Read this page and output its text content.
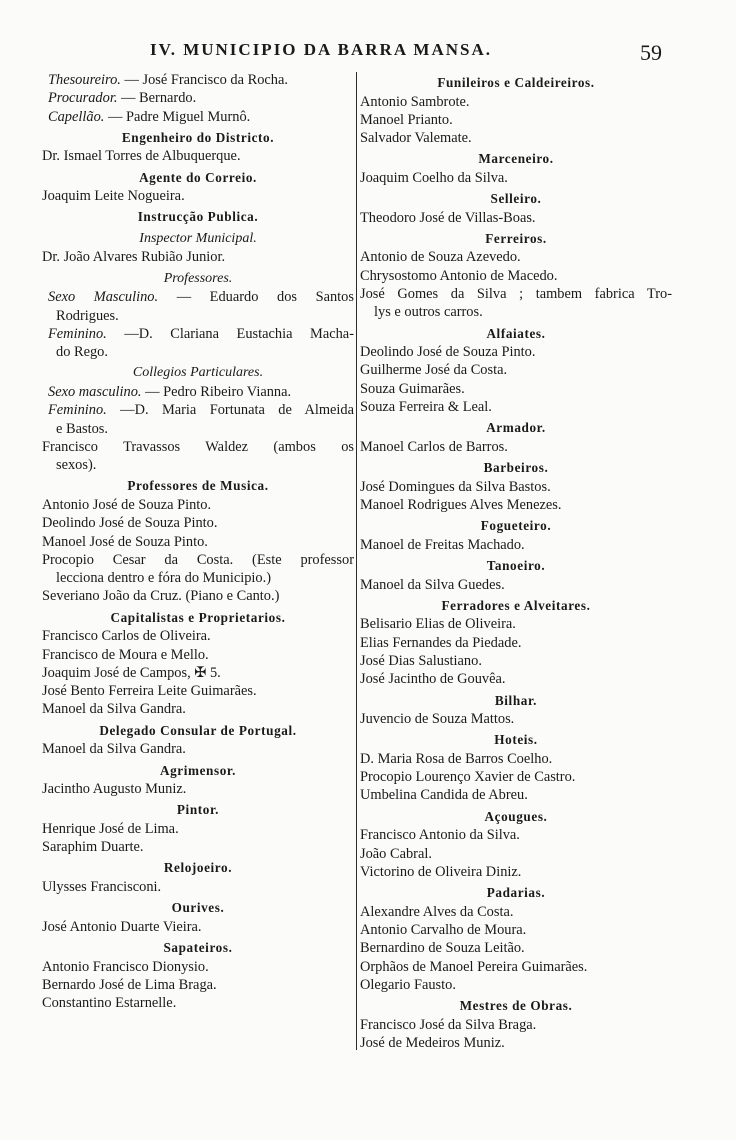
IV. MUNICIPIO DA BARRA MANSA.	59
Thesoureiro. — José Francisco da Rocha.
Procurador. — Bernardo.
Capellão. — Padre Miguel Murnô.
Engenheiro do Districto.
Dr. Ismael Torres de Albuquerque.
Agente do Correio.
Joaquim Leite Nogueira.
Instrucção Publica.
Inspector Municipal.
Dr. João Alvares Rubião Junior.
Professores.
Sexo Masculino. — Eduardo dos Santos
Rodrigues.
Feminino. —D. Clariana Eustachia Macha-
do Rego.
Collegios Particulares.
Sexo masculino. — Pedro Ribeiro Vianna.
Feminino. —D. Maria Fortunata de Almeida
e Bastos.
Francisco Travassos Waldez (ambos os
sexos).
Professores de Musica.
Antonio José de Souza Pinto.
Deolindo José de Souza Pinto.
Manoel José de Souza Pinto.
Procopio Cesar da Costa. (Este professor
lecciona dentro e fóra do Municipio.)
Severiano João da Cruz. (Piano e Canto.)
Capitalistas e Proprietarios.
Francisco Carlos de Oliveira.
Francisco de Moura e Mello.
Joaquim José de Campos, ✠ 5.
José Bento Ferreira Leite Guimarães.
Manoel da Silva Gandra.
Delegado Consular de Portugal.
Manoel da Silva Gandra.
Agrimensor.
Jacintho Augusto Muniz.
Pintor.
Henrique José de Lima.
Saraphim Duarte.
Relojoeiro.
Ulysses Francisconi.
Ourives.
José Antonio Duarte Vieira.
Sapateiros.
Antonio Francisco Dionysio.
Bernardo José de Lima Braga.
Constantino Estarnelle.
Funileiros e Caldeireiros.
Antonio Sambrote.
Manoel Prianto.
Salvador Valemate.
Marceneiro.
Joaquim Coelho da Silva.
Selleiro.
Theodoro José de Villas-Boas.
Ferreiros.
Antonio de Souza Azevedo.
Chrysostomo Antonio de Macedo.
José Gomes da Silva ; tambem fabrica Tro-
lys e outros carros.
Alfaiates.
Deolindo José de Souza Pinto.
Guilherme José da Costa.
Souza Guimarães.
Souza Ferreira & Leal.
Armador.
Manoel Carlos de Barros.
Barbeiros.
José Domingues da Silva Bastos.
Manoel Rodrigues Alves Menezes.
Fogueteiro.
Manoel de Freitas Machado.
Tanoeiro.
Manoel da Silva Guedes.
Ferradores e Alveitares.
Belisario Elias de Oliveira.
Elias Fernandes da Piedade.
José Dias Salustiano.
José Jacintho de Gouvêa.
Bilhar.
Juvencio de Souza Mattos.
Hoteis.
D. Maria Rosa de Barros Coelho.
Procopio Lourenço Xavier de Castro.
Umbelina Candida de Abreu.
Açougues.
Francisco Antonio da Silva.
João Cabral.
Victorino de Oliveira Diniz.
Padarias.
Alexandre Alves da Costa.
Antonio Carvalho de Moura.
Bernardino de Souza Leitão.
Orphãos de Manoel Pereira Guimarães.
Olegario Fausto.
Mestres de Obras.
Francisco José da Silva Braga.
José de Medeiros Muniz.
